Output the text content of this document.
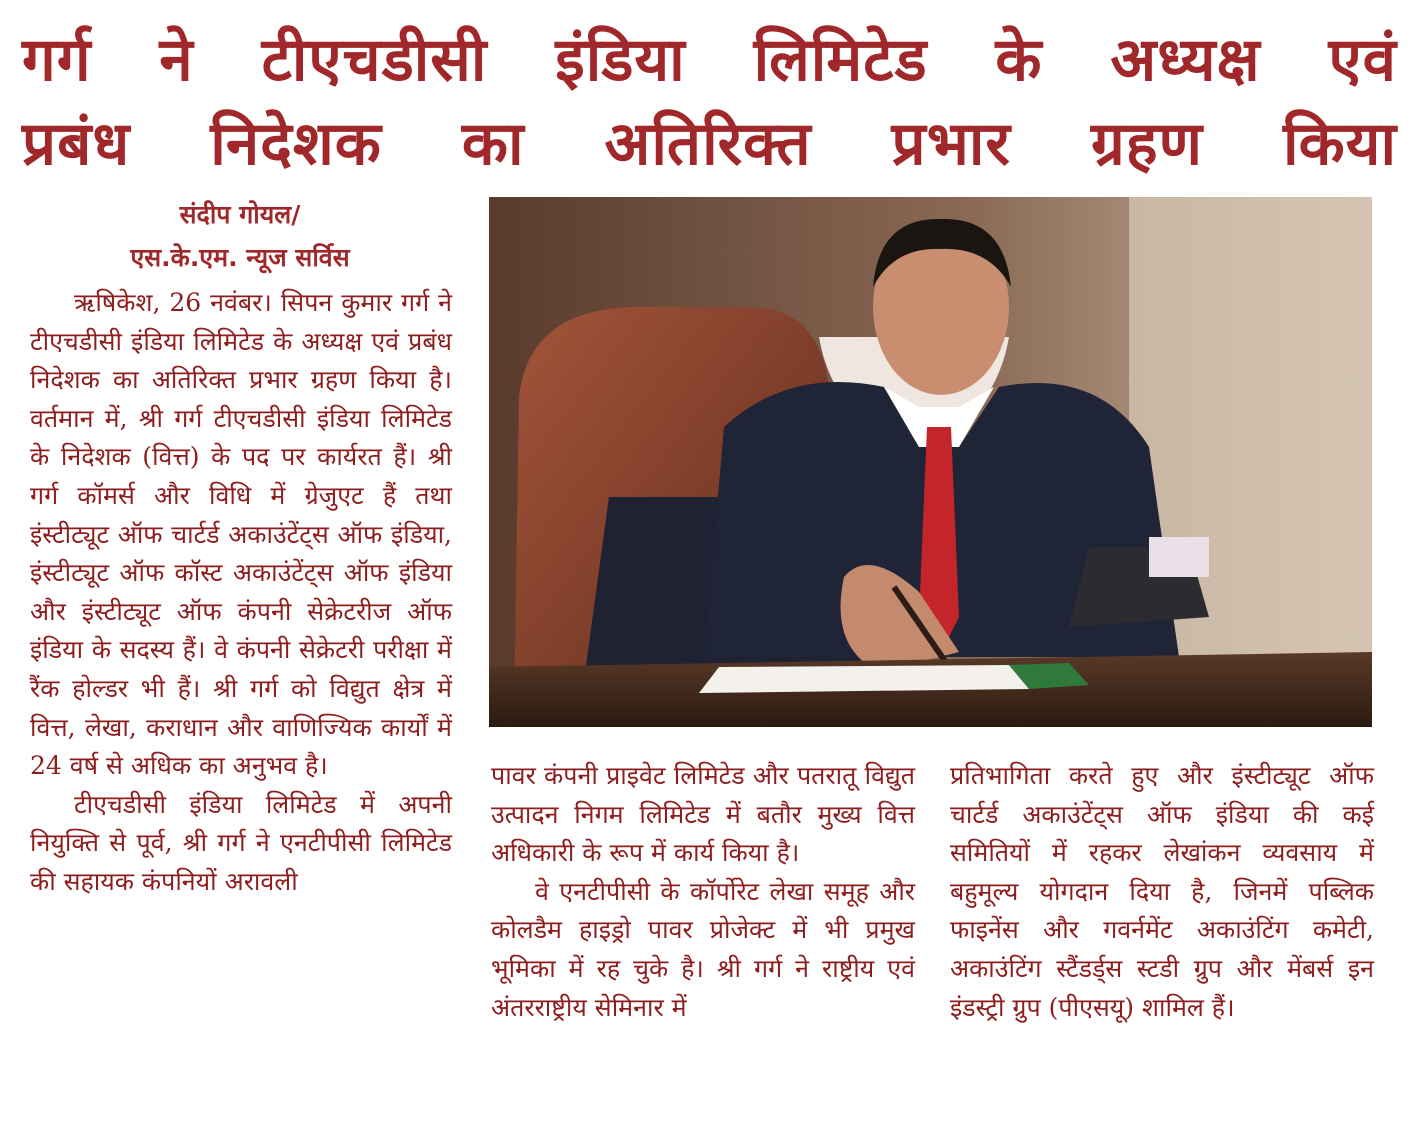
गर्ग ने टीएचडीसी इंडिया लिमिटेड के अध्यक्ष एवं
प्रबंध निदेशक का अतिरिक्त प्रभार ग्रहण किया
संदीप गोयल/
एस.के.एम. न्यूज सर्विस

ऋषिकेश, 26 नवंबर। सिपन कुमार गर्ग ने टीएचडीसी इंडिया लिमिटेड के अध्यक्ष एवं प्रबंध निदेशक का अतिरिक्त प्रभार ग्रहण किया है। वर्तमान में, श्री गर्ग टीएचडीसी इंडिया लिमिटेड के निदेशक (वित्त) के पद पर कार्यरत हैं। श्री गर्ग कॉमर्स और विधि में ग्रेजुएट हैं तथा इंस्टीट्यूट ऑफ चार्टर्ड अकाउंटेंट्स ऑफ इंडिया, इंस्टीट्यूट ऑफ कॉस्ट अकाउंटेंट्स ऑफ इंडिया और इंस्टीट्यूट ऑफ कंपनी सेक्रेटरीज ऑफ इंडिया के सदस्य हैं। वे कंपनी सेक्रेटरी परीक्षा में रैंक होल्डर भी हैं। श्री गर्ग को विद्युत क्षेत्र में वित्त, लेखा, कराधान और वाणिज्यिक कार्यों में 24 वर्ष से अधिक का अनुभव है।

टीएचडीसी इंडिया लिमिटेड में अपनी नियुक्ति से पूर्व, श्री गर्ग ने एनटीपीसी लिमिटेड की सहायक कंपनियों अरावली

पावर कंपनी प्राइवेट लिमिटेड और पतरातू विद्युत उत्पादन निगम लिमिटेड में बतौर मुख्य वित्त अधिकारी के रूप में कार्य किया है।

वे एनटीपीसी के कॉर्पोरेट लेखा समूह और कोलडैम हाइड्रो पावर प्रोजेक्ट में भी प्रमुख भूमिका में रह चुके है। श्री गर्ग ने राष्ट्रीय एवं अंतरराष्ट्रीय सेमिनार में

प्रतिभागिता करते हुए और इंस्टीट्यूट ऑफ चार्टर्ड अकाउंटेंट्स ऑफ इंडिया की कई समितियों में रहकर लेखांकन व्यवसाय में बहुमूल्य योगदान दिया है, जिनमें पब्लिक फाइनेंस और गवर्नमेंट अकाउंटिंग कमेटी, अकाउंटिंग स्टैंडर्ड्स स्टडी ग्रुप और मेंबर्स इन इंडस्ट्री ग्रुप (पीएसयू) शामिल हैं।
